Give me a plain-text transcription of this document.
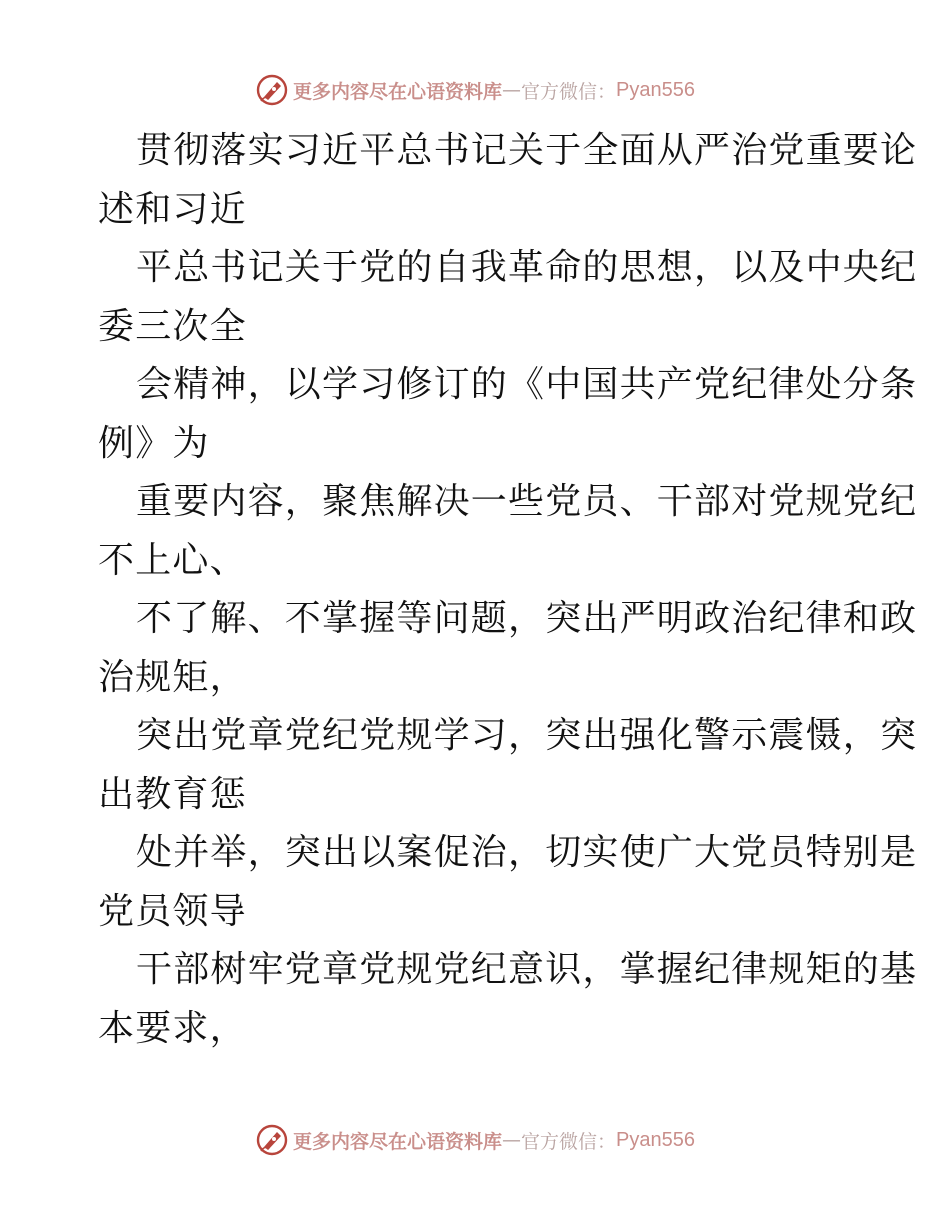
更多内容尽在心语资料库 — 官方微信： Pyan556
贯彻落实习近平总书记关于全面从严治党重要论
述和习近
平总书记关于党的自我革命的思想，以及中央纪
委三次全
会精神，以学习修订的《中国共产党纪律处分条
例》为
重要内容，聚焦解决一些党员、干部对党规党纪
不上心、
不了解、不掌握等问题，突出严明政治纪律和政
治规矩，
突出党章党纪党规学习，突出强化警示震慑，突
出教育惩
处并举，突出以案促治，切实使广大党员特别是
党员领导
干部树牢党章党规党纪意识，掌握纪律规矩的基
本要求，
更多内容尽在心语资料库 — 官方微信： Pyan556
